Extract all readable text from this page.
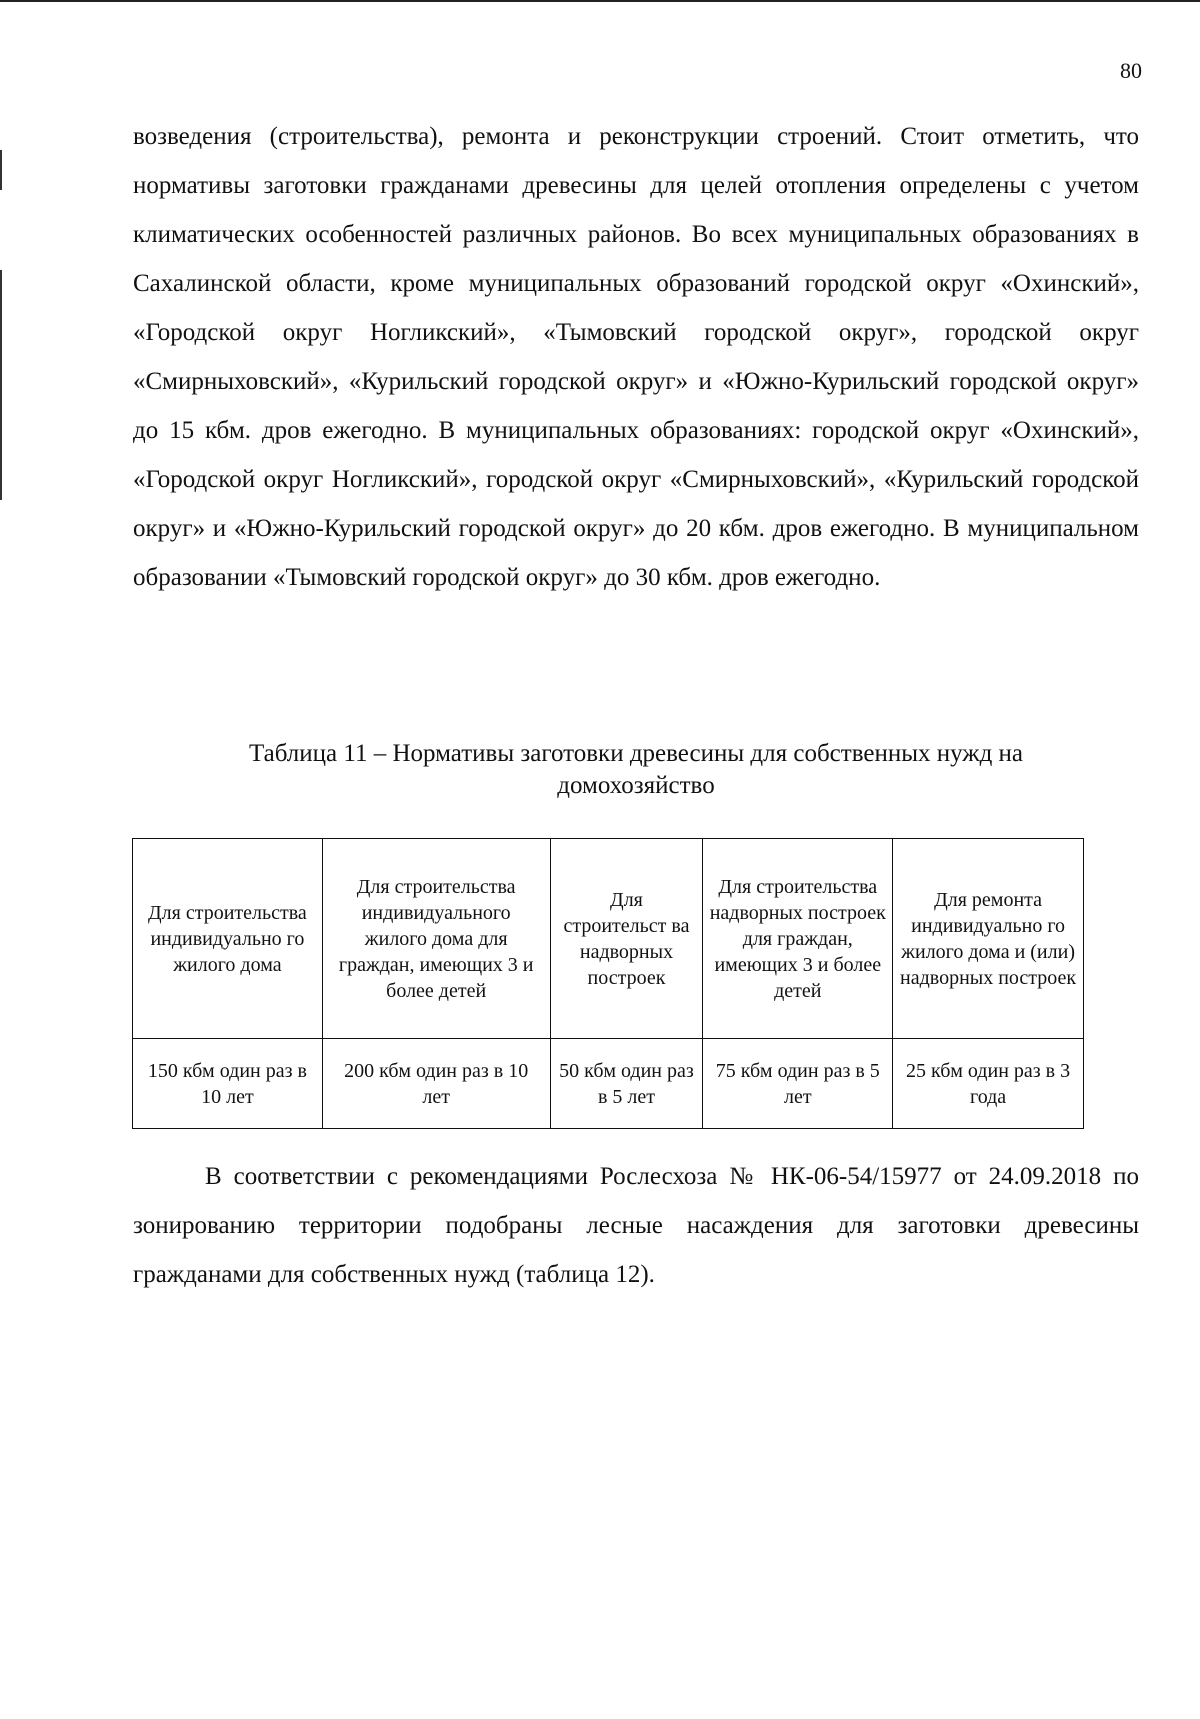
80

возведения (строительства), ремонта и реконструкции строений. Стоит отметить, что нормативы заготовки гражданами древесины для целей отопления определены с учетом климатических особенностей различных районов. Во всех муниципальных образованиях в Сахалинской области, кроме муниципальных образований городской округ «Охинский», «Городской округ Ногликский», «Тымовский городской округ», городской округ «Смирныховский», «Курильский городской округ» и «Южно-Курильский городской округ» до 15 кбм. дров ежегодно. В муниципальных образованиях: городской округ «Охинский», «Городской округ Ногликский», городской округ «Смирныховский», «Курильский городской округ» и «Южно-Курильский городской округ» до 20 кбм. дров ежегодно. В муниципальном образовании «Тымовский городской округ» до 30 кбм. дров ежегодно.

Таблица 11 – Нормативы заготовки древесины для собственных нужд на
домохозяйство
Для строительства индивидуально го жилого дома	Для строительства индивидуального жилого дома для граждан, имеющих 3 и более детей	Для строительст ва надворных построек	Для строительства надворных построек для граждан, имеющих 3 и более детей	Для ремонта индивидуально го жилого дома и (или) надворных построек
150 кбм один раз в 10 лет	200 кбм один раз в 10 лет	50 кбм один раз в 5 лет	75 кбм один раз в 5 лет	25 кбм один раз в 3 года

В соответствии с рекомендациями Рослесхоза № НК-06-54/15977 от 24.09.2018 по зонированию территории подобраны лесные насаждения для заготовки древесины гражданами для собственных нужд (таблица 12).
